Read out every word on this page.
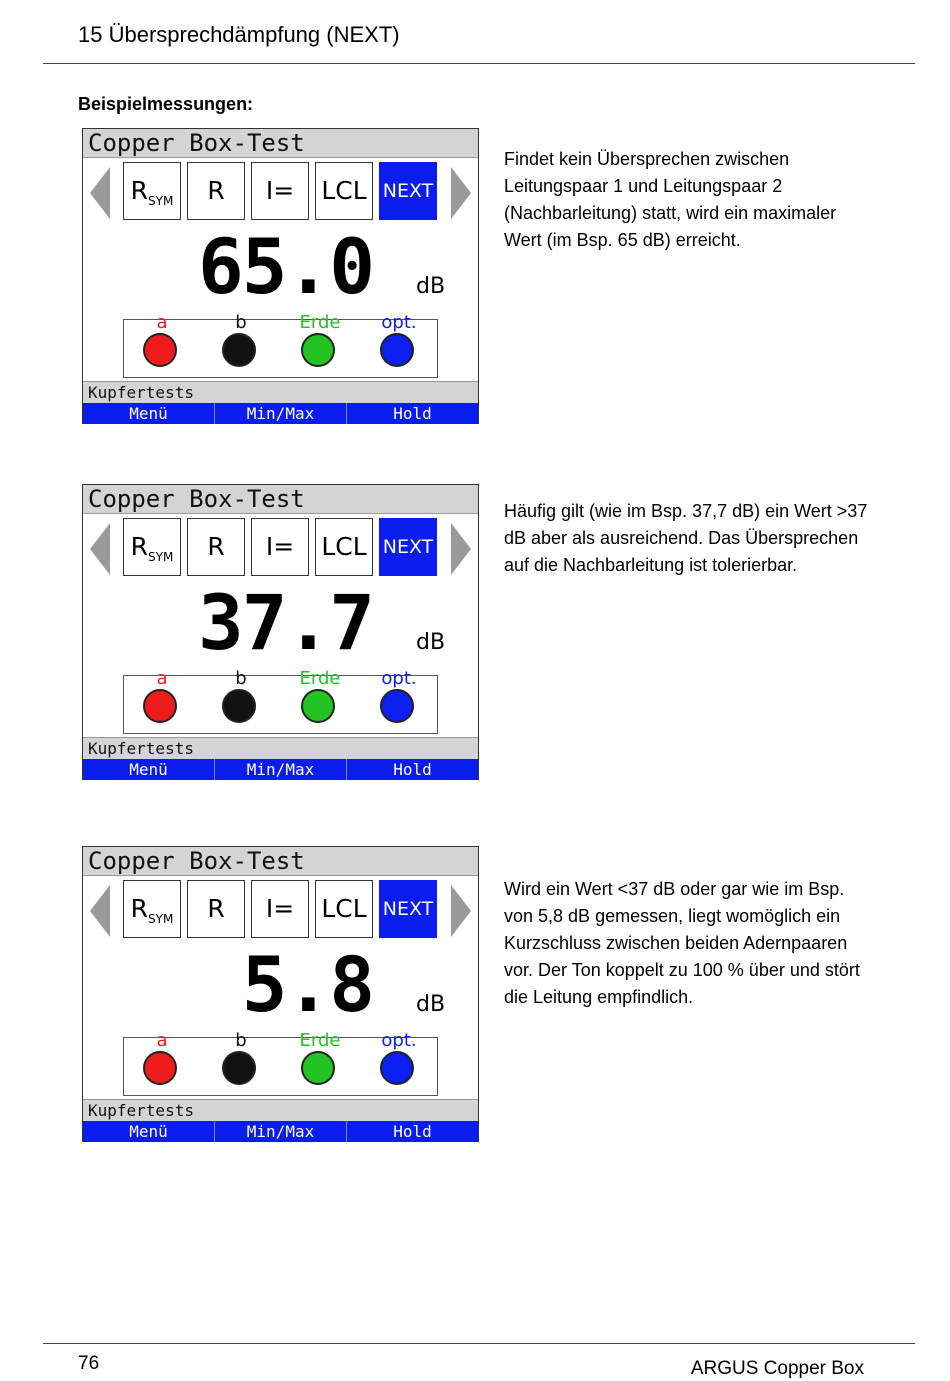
15 Übersprechdämpfung (NEXT)
Beispielmessungen:
Copper Box-Test
$R_{SYM}$	R	I=	LCL NEXT
65.0 dB
a	b	Erde	opt.
Kupfertests
Menü	Min/Max	Hold
Findet kein Übersprechen zwischen Leitungspaar 1 und Leitungspaar 2 (Nachbarleitung) statt, wird ein maximaler Wert (im Bsp. 65 dB) erreicht.
Copper Box-Test
$R_{SYM}$	R	I=	LCL NEXT
37.7 dB
a	b	Erde	opt.
Kupfertests
Menü	Min/Max	Hold
Häufig gilt (wie im Bsp. 37,7 dB) ein Wert >37 dB aber als ausreichend. Das Übersprechen auf die Nachbarleitung ist tolerierbar.
Copper Box-Test
$R_{SYM}$	R	I=	LCL NEXT
5.8 dB
a	b	Erde	opt.
Kupfertests
Menü	Min/Max	Hold
Wird ein Wert <37 dB oder gar wie im Bsp. von 5,8 dB gemessen, liegt womöglich ein Kurzschluss zwischen beiden Adernpaaren vor. Der Ton koppelt zu 100 % über und stört die Leitung empfindlich.
76	ARGUS Copper Box
